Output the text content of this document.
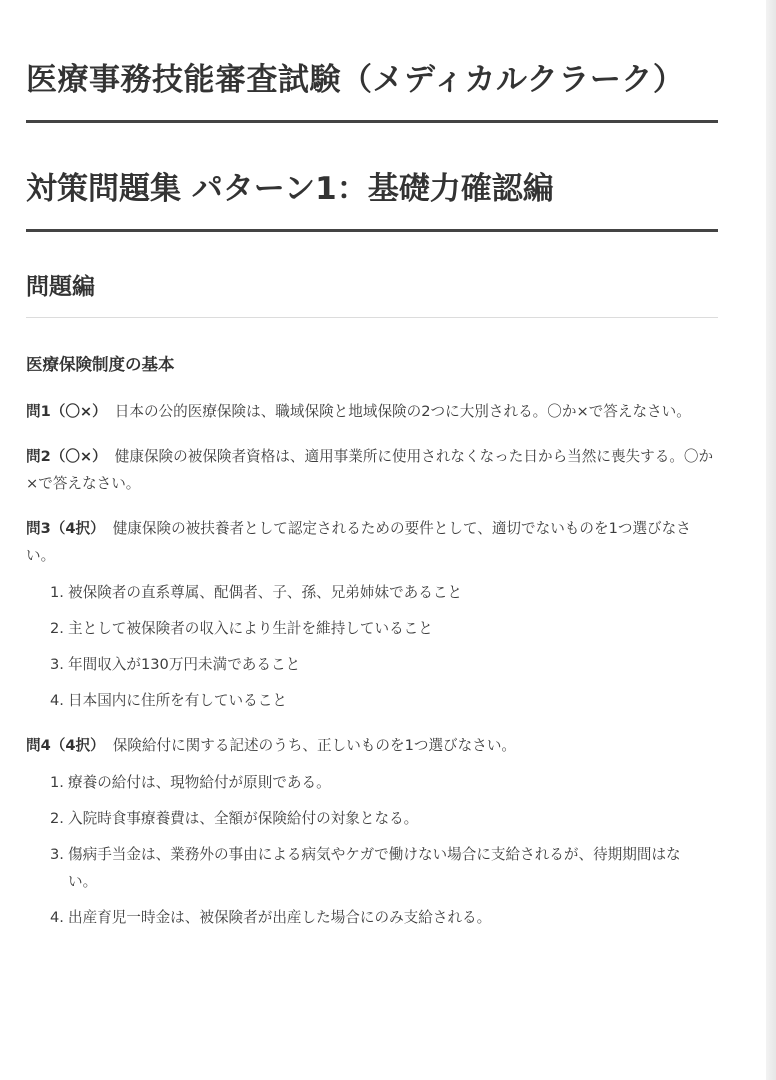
医療事務技能審査試験（メディカルクラーク）
対策問題集 パターン1：基礎力確認編
問題編
医療保険制度の基本

問1（〇×） 日本の公的医療保険は、職域保険と地域保険の2つに大別される。〇か×で答えなさい。

問2（〇×） 健康保険の被保険者資格は、適用事業所に使用されなくなった日から当然に喪失する。〇か×で答えなさい。

問3（4択） 健康保険の被扶養者として認定されるための要件として、適切でないものを1つ選びなさい。

1. 被保険者の直系尊属、配偶者、子、孫、兄弟姉妹であること
2. 主として被保険者の収入により生計を維持していること
3. 年間収入が130万円未満であること
4. 日本国内に住所を有していること

問4（4択） 保険給付に関する記述のうち、正しいものを1つ選びなさい。

1. 療養の給付は、現物給付が原則である。
2. 入院時食事療養費は、全額が保険給付の対象となる。
3. 傷病手当金は、業務外の事由による病気やケガで働けない場合に支給されるが、待期期間はない。
4. 出産育児一時金は、被保険者が出産した場合にのみ支給される。
